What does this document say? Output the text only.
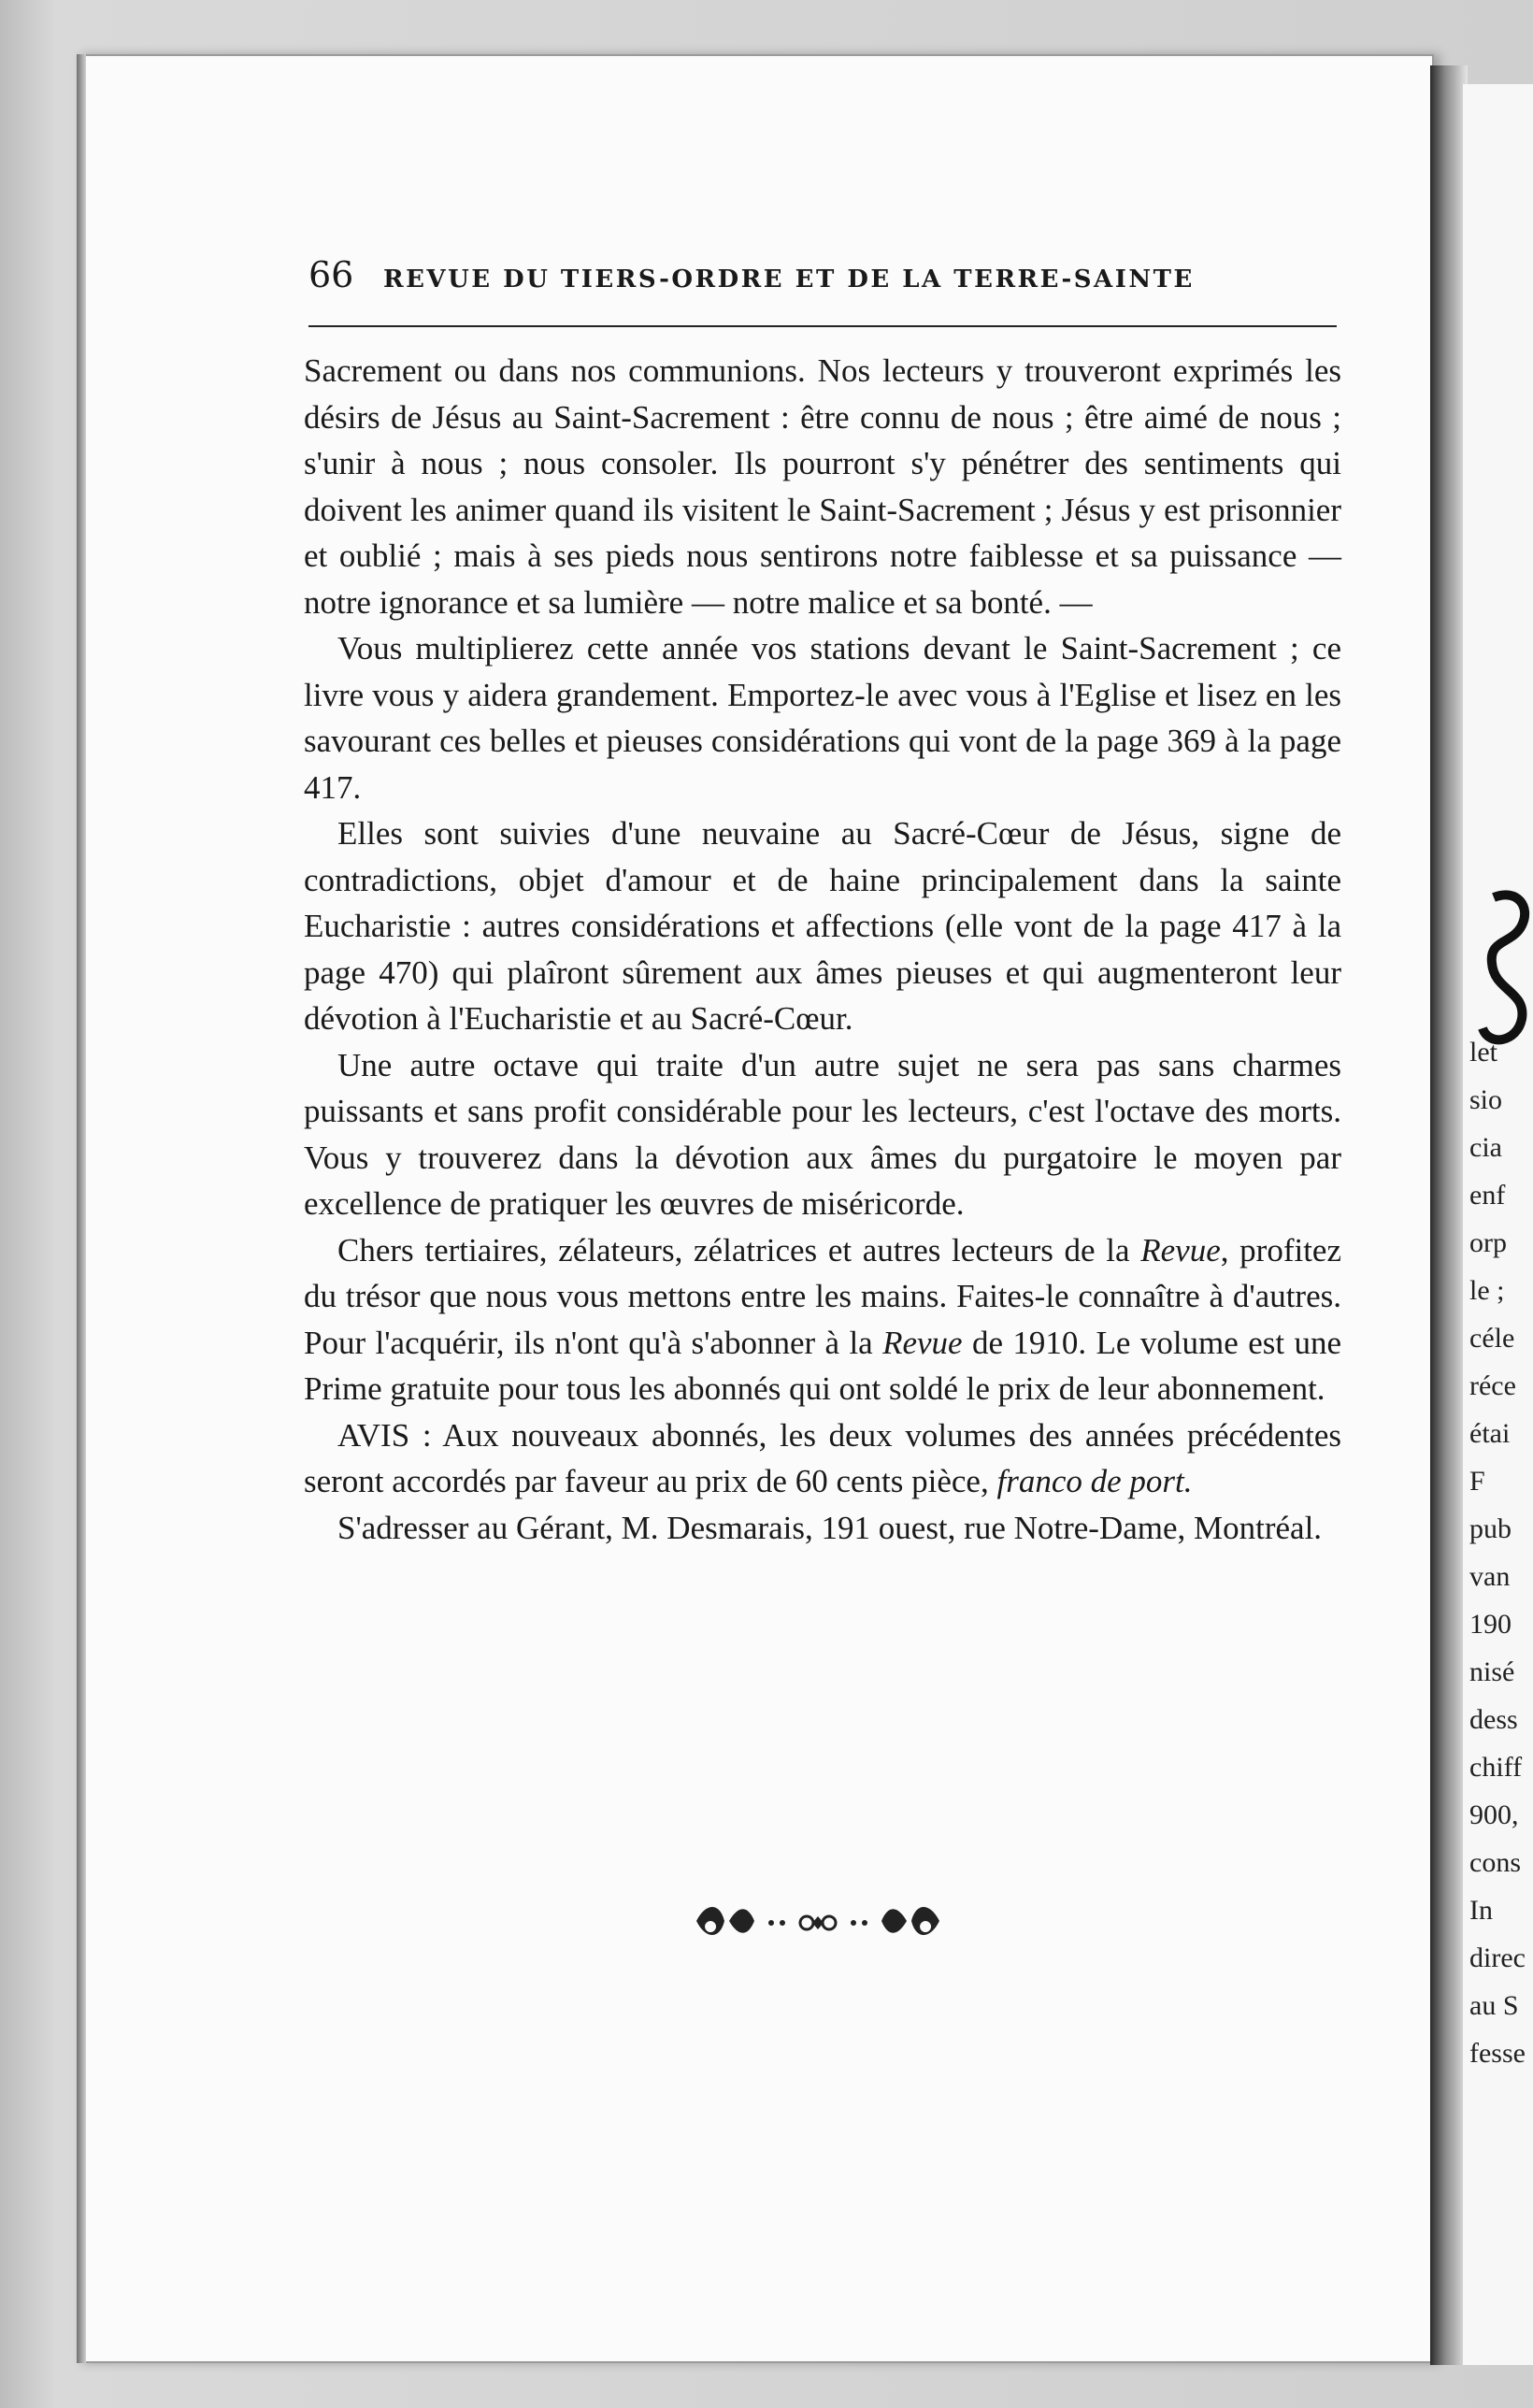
66	REVUE DU TIERS-ORDRE ET DE LA TERRE-SAINTE

Sacrement ou dans nos communions. Nos lecteurs y trouveront exprimés les désirs de Jésus au Saint-Sacrement : être connu de nous ; être aimé de nous ; s'unir à nous ; nous consoler. Ils pourront s'y pénétrer des sentiments qui doivent les animer quand ils visitent le Saint-Sacrement ; Jésus y est prisonnier et oublié ; mais à ses pieds nous sentirons notre faiblesse et sa puissance — notre ignorance et sa lumière — notre malice et sa bonté. —

Vous multiplierez cette année vos stations devant le Saint-Sacrement ; ce livre vous y aidera grandement. Emportez-le avec vous à l'Eglise et lisez en les savourant ces belles et pieuses considérations qui vont de la page 369 à la page 417.

Elles sont suivies d'une neuvaine au Sacré-Cœur de Jésus, signe de contradictions, objet d'amour et de haine principalement dans la sainte Eucharistie : autres considérations et affections (elle vont de la page 417 à la page 470) qui plaîront sûrement aux âmes pieuses et qui augmenteront leur dévotion à l'Eucharistie et au Sacré-Cœur.

Une autre octave qui traite d'un autre sujet ne sera pas sans charmes puissants et sans profit considérable pour les lecteurs, c'est l'octave des morts. Vous y trouverez dans la dévotion aux âmes du purgatoire le moyen par excellence de pratiquer les œuvres de miséricorde.

Chers tertiaires, zélateurs, zélatrices et autres lecteurs de la Revue, profitez du trésor que nous vous mettons entre les mains. Faites-le connaître à d'autres. Pour l'acquérir, ils n'ont qu'à s'abonner à la Revue de 1910. Le volume est une Prime gratuite pour tous les abonnés qui ont soldé le prix de leur abonnement.

AVIS : Aux nouveaux abonnés, les deux volumes des années précédentes seront accordés par faveur au prix de 60 cents pièce, franco de port.

S'adresser au Gérant, M. Desmarais, 191 ouest, rue Notre-Dame, Montréal.

let
sio
cia
enf
orp
le ;
céle
réce
étai
F
pub
van
190
nisé
dess
chiff
900,
cons
In
direc
au S
fesse
